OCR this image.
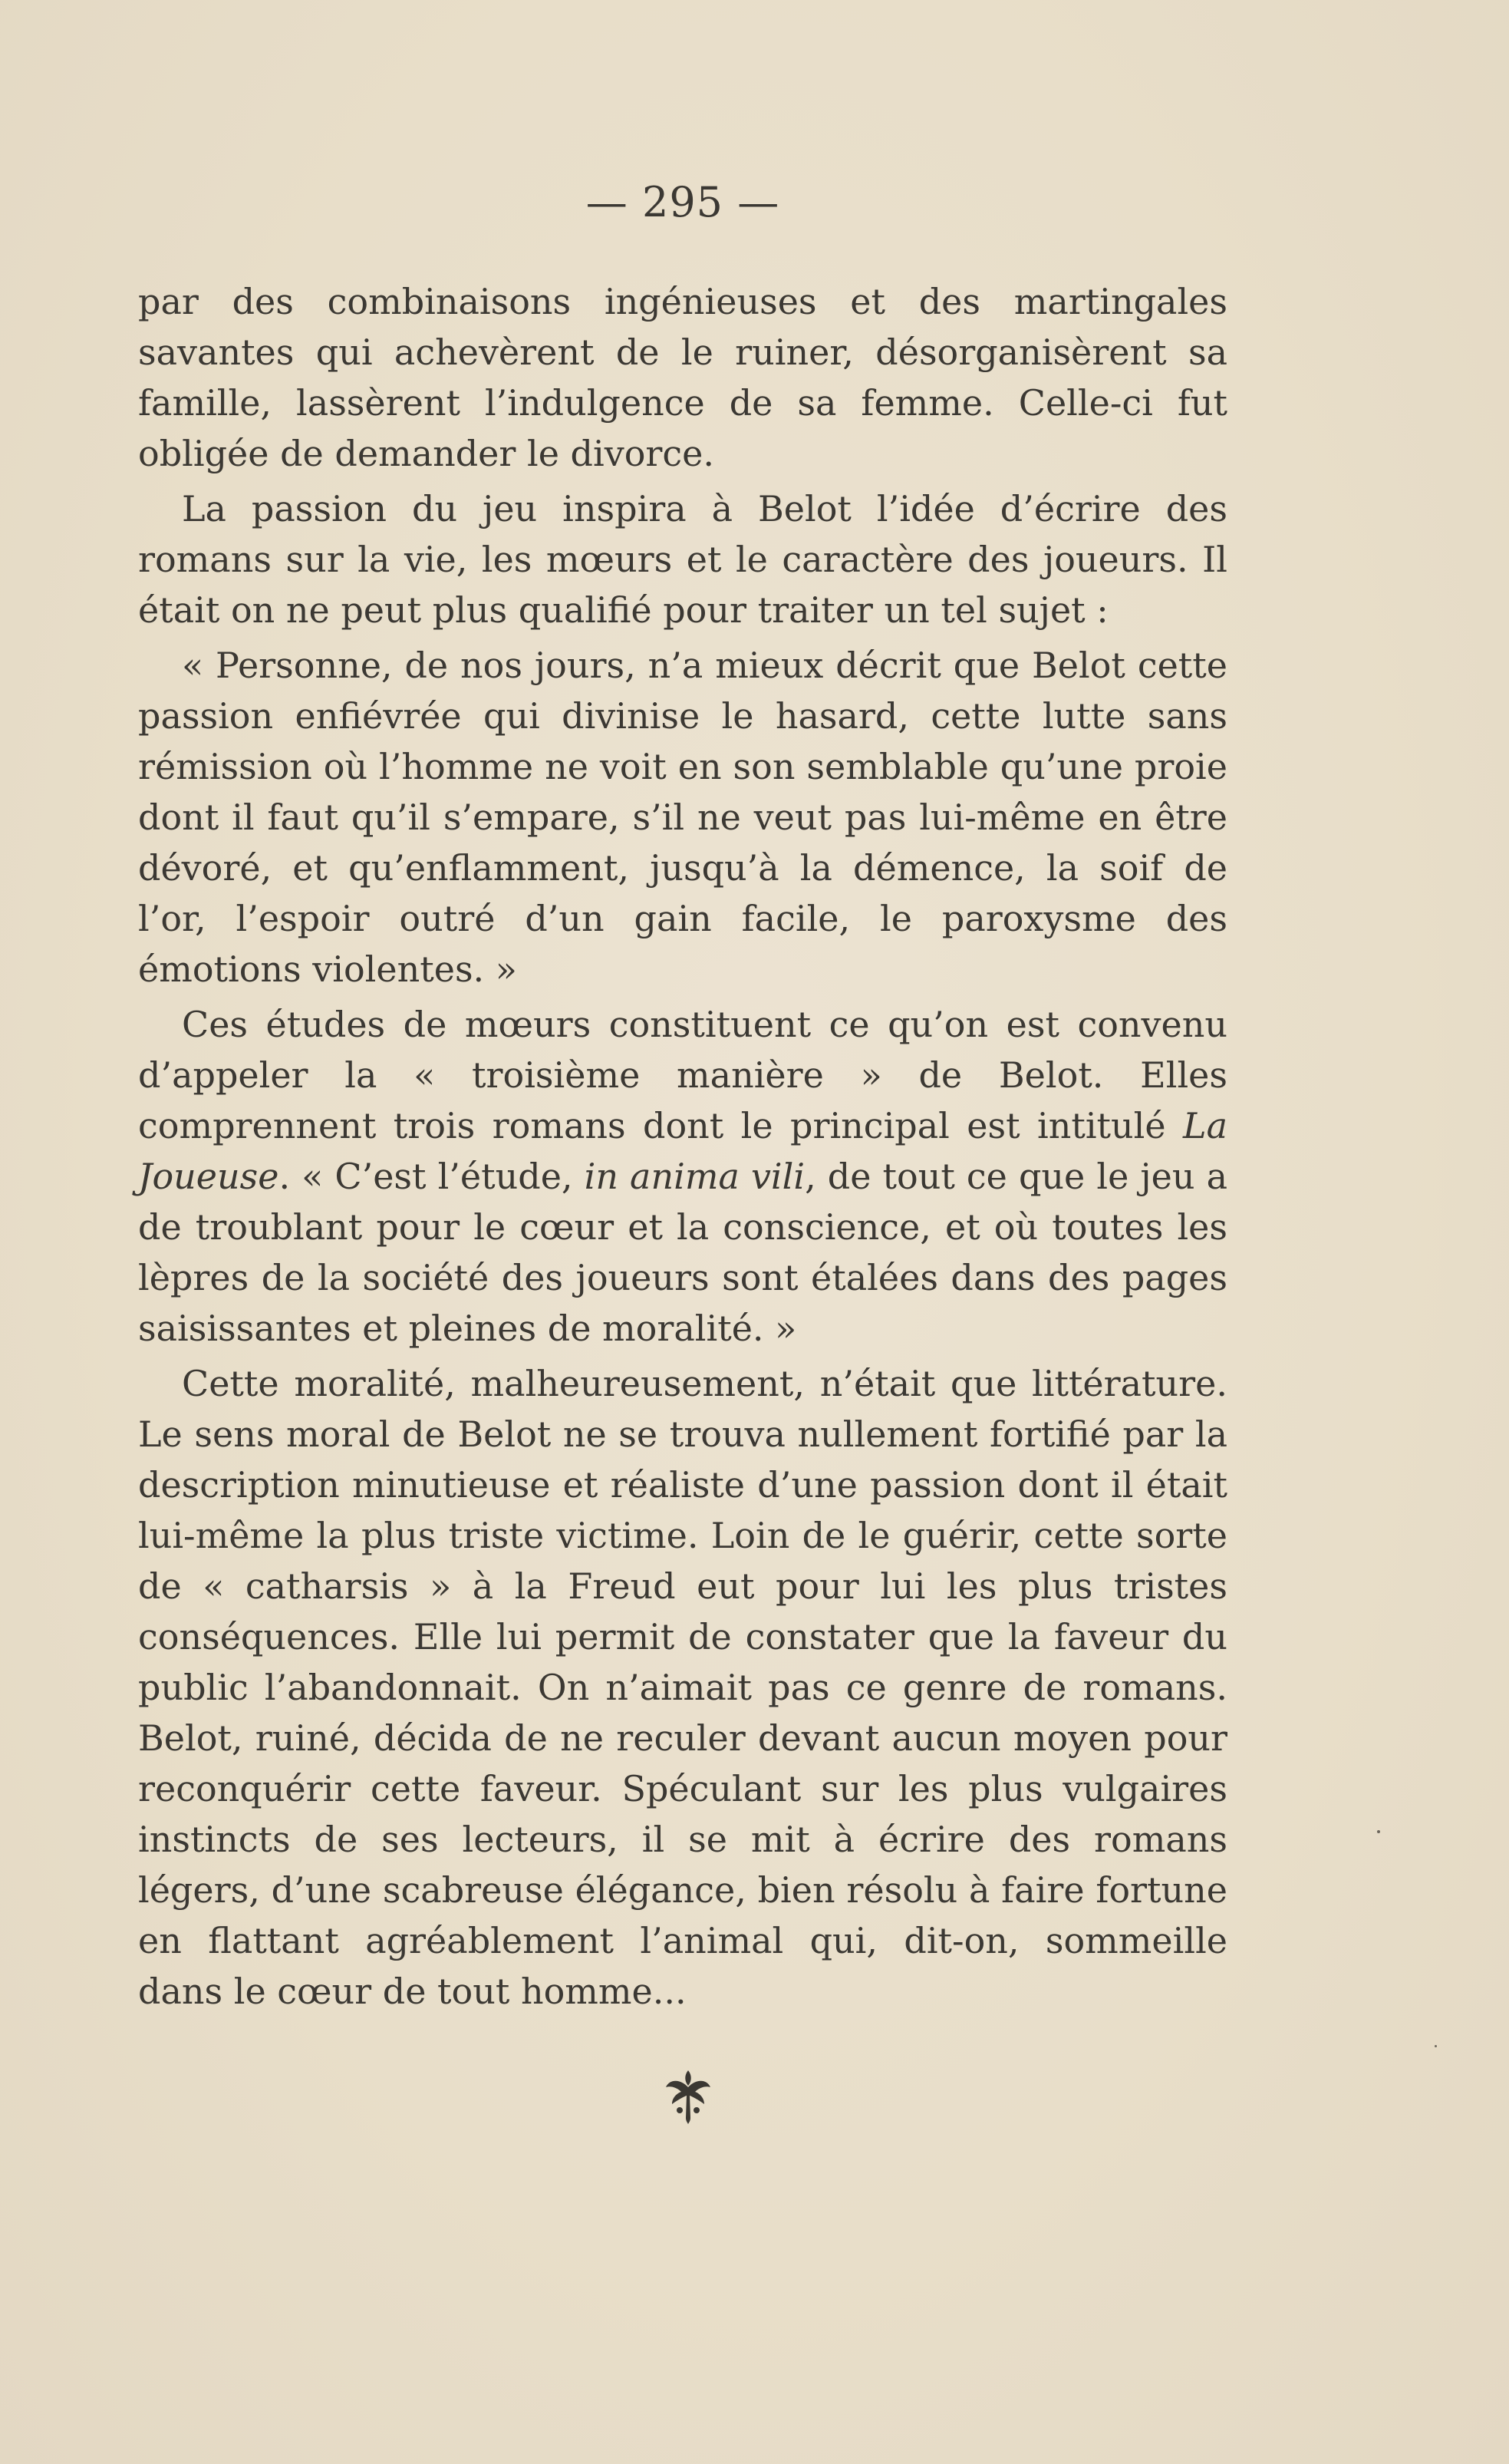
— 295 —

par des combinaisons ingénieuses et des martingales savantes qui achevèrent de le ruiner, désorganisèrent sa famille, lassèrent l’indulgence de sa femme. Celle-ci fut obligée de demander le divorce.

La passion du jeu inspira à Belot l’idée d’écrire des romans sur la vie, les mœurs et le caractère des joueurs. Il était on ne peut plus qualifié pour traiter un tel sujet :

« Personne, de nos jours, n’a mieux décrit que Belot cette passion enfiévrée qui divinise le hasard, cette lutte sans rémission où l’homme ne voit en son semblable qu’une proie dont il faut qu’il s’empare, s’il ne veut pas lui-même en être dévoré, et qu’enflamment, jusqu’à la démence, la soif de l’or, l’espoir outré d’un gain facile, le paroxysme des émotions violentes. »

Ces études de mœurs constituent ce qu’on est convenu d’appeler la « troisième manière » de Belot. Elles comprennent trois romans dont le principal est intitulé La Joueuse. « C’est l’étude, in anima vili, de tout ce que le jeu a de troublant pour le cœur et la conscience, et où toutes les lèpres de la société des joueurs sont étalées dans des pages saisissantes et pleines de moralité. »

Cette moralité, malheureusement, n’était que littérature. Le sens moral de Belot ne se trouva nullement fortifié par la description minutieuse et réaliste d’une passion dont il était lui-même la plus triste victime. Loin de le guérir, cette sorte de « catharsis » à la Freud eut pour lui les plus tristes conséquences. Elle lui permit de constater que la faveur du public l’abandonnait. On n’aimait pas ce genre de romans. Belot, ruiné, décida de ne reculer devant aucun moyen pour reconquérir cette faveur. Spéculant sur les plus vulgaires instincts de ses lecteurs, il se mit à écrire des romans légers, d’une scabreuse élégance, bien résolu à faire fortune en flattant agréablement l’animal qui, dit-on, sommeille dans le cœur de tout homme...
